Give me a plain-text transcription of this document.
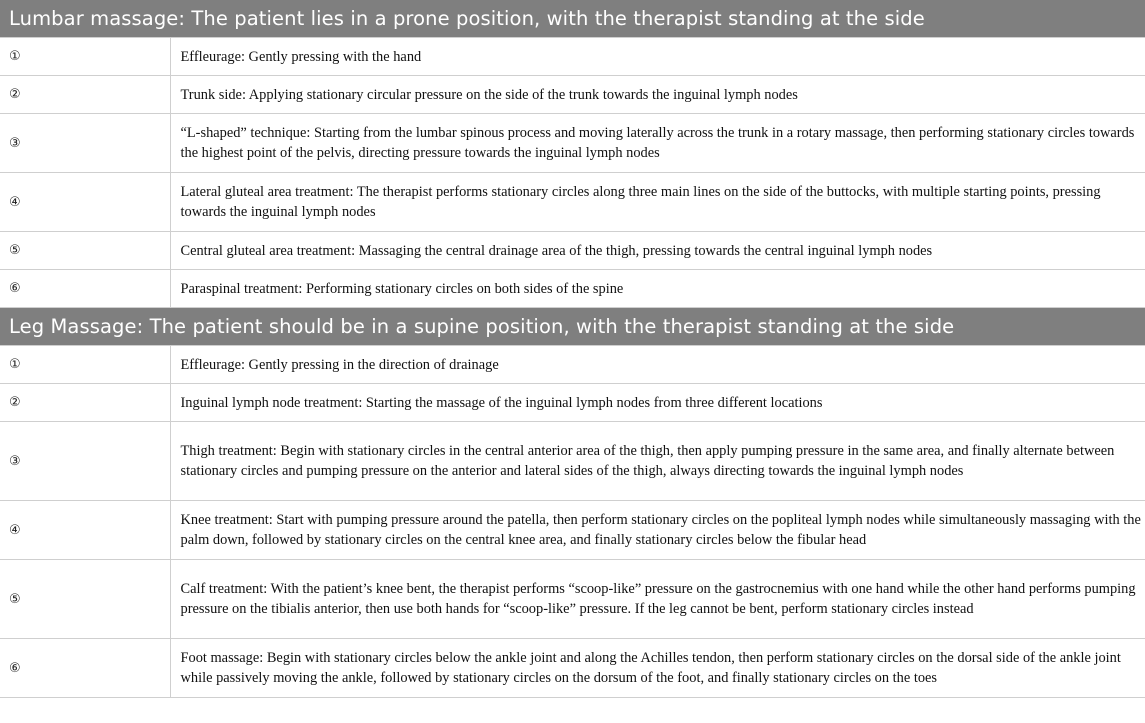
Lumbar massage: The patient lies in a prone position, with the therapist standing at the side	
①	Effleurage: Gently pressing with the hand
②	Trunk side: Applying stationary circular pressure on the side of the trunk towards the inguinal lymph nodes
③	“L-shaped” technique: Starting from the lumbar spinous process and moving laterally across the trunk in a rotary massage, then performing stationary circles towards the highest point of the pelvis, directing pressure towards the inguinal lymph nodes
④	Lateral gluteal area treatment: The therapist performs stationary circles along three main lines on the side of the buttocks, with multiple starting points, pressing towards the inguinal lymph nodes
⑤	Central gluteal area treatment: Massaging the central drainage area of the thigh, pressing towards the central inguinal lymph nodes
⑥	Paraspinal treatment: Performing stationary circles on both sides of the spine
Leg Massage: The patient should be in a supine position, with the therapist standing at the side	
①	Effleurage: Gently pressing in the direction of drainage
②	Inguinal lymph node treatment: Starting the massage of the inguinal lymph nodes from three different locations
③	Thigh treatment: Begin with stationary circles in the central anterior area of the thigh, then apply pumping pressure in the same area, and finally alternate between stationary circles and pumping pressure on the anterior and lateral sides of the thigh, always directing towards the inguinal lymph nodes
④	Knee treatment: Start with pumping pressure around the patella, then perform stationary circles on the popliteal lymph nodes while simultaneously massaging with the palm down, followed by stationary circles on the central knee area, and finally stationary circles below the fibular head
⑤	Calf treatment: With the patient’s knee bent, the therapist performs “scoop-like” pressure on the gastrocnemius with one hand while the other hand performs pumping pressure on the tibialis anterior, then use both hands for “scoop-like” pressure. If the leg cannot be bent, perform stationary circles instead
⑥	Foot massage: Begin with stationary circles below the ankle joint and along the Achilles tendon, then perform stationary circles on the dorsal side of the ankle joint while passively moving the ankle, followed by stationary circles on the dorsum of the foot, and finally stationary circles on the toes
